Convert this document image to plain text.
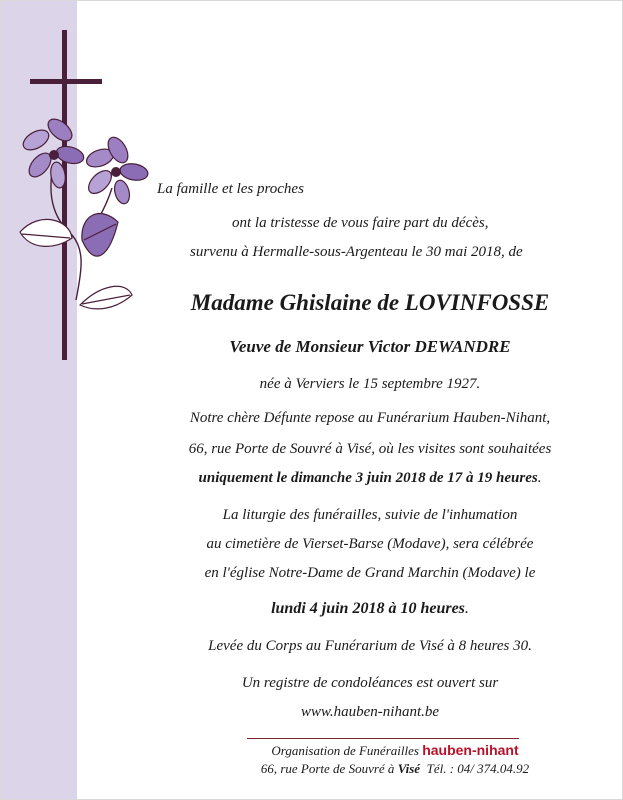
La famille et les proches
ont la tristesse de vous faire part du décès,
survenu à Hermalle-sous-Argenteau le 30 mai 2018, de
Madame Ghislaine de LOVINFOSSE
Veuve de Monsieur Victor DEWANDRE
née à Verviers le 15 septembre 1927.
Notre chère Défunte repose au Funérarium Hauben-Nihant,
66, rue Porte de Souvré à Visé, où les visites sont souhaitées
uniquement le dimanche 3 juin 2018 de 17 à 19 heures.
La liturgie des funérailles, suivie de l'inhumation
au cimetière de Vierset-Barse (Modave), sera célébrée
en l'église Notre-Dame de Grand Marchin (Modave) le
lundi 4 juin 2018 à 10 heures.
Levée du Corps au Funérarium de Visé à 8 heures 30.
Un registre de condoléances est ouvert sur
www.hauben-nihant.be
Organisation de Funérailles hauben-nihant
66, rue Porte de Souvré à Visé  Tél. : 04/ 374.04.92
